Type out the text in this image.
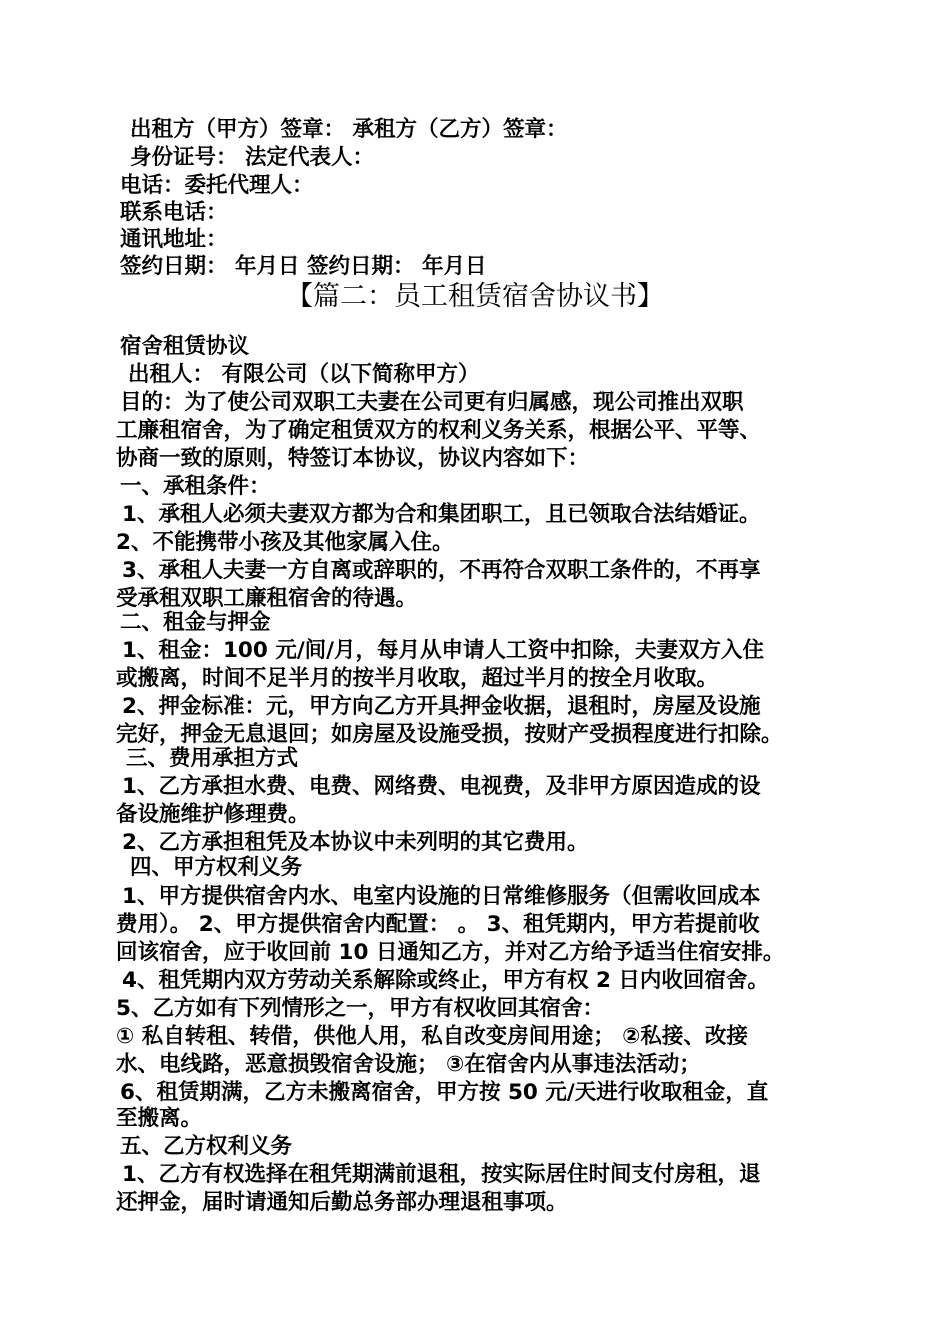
出租方（甲方）签章： 承租方（乙方）签章：
身份证号： 法定代表人：
电话：委托代理人：
联系电话：
通讯地址：
签约日期： 年月日 签约日期： 年月日
【篇二：员工租赁宿舍协议书】
宿舍租赁协议
出租人： 有限公司（以下简称甲方）
目的：为了使公司双职工夫妻在公司更有归属感，现公司推出双职
工廉租宿舍，为了确定租赁双方的权利义务关系，根据公平、平等、
协商一致的原则，特签订本协议，协议内容如下：
一、承租条件：
1、承租人必须夫妻双方都为合和集团职工，且已领取合法结婚证。
2、不能携带小孩及其他家属入住。
3、承租人夫妻一方自离或辞职的，不再符合双职工条件的，不再享
受承租双职工廉租宿舍的待遇。
二、租金与押金
1、租金：100 元/间/月，每月从申请人工资中扣除，夫妻双方入住
或搬离，时间不足半月的按半月收取，超过半月的按全月收取。
2、押金标准：元，甲方向乙方开具押金收据，退租时，房屋及设施
完好，押金无息退回；如房屋及设施受损，按财产受损程度进行扣除。
三、费用承担方式
1、乙方承担水费、电费、网络费、电视费，及非甲方原因造成的设
备设施维护修理费。
2、乙方承担租凭及本协议中未列明的其它费用。
四、甲方权利义务
1、甲方提供宿舍内水、电室内设施的日常维修服务（但需收回成本
费用）。 2、甲方提供宿舍内配置： 。 3、租凭期内，甲方若提前收
回该宿舍，应于收回前 10 日通知乙方，并对乙方给予适当住宿安排。
4、租凭期内双方劳动关系解除或终止，甲方有权 2 日内收回宿舍。
5、乙方如有下列情形之一，甲方有权收回其宿舍：
① 私自转租、转借，供他人用，私自改变房间用途； ②私接、改接
水、电线路，恶意损毁宿舍设施； ③在宿舍内从事违法活动；
6、租赁期满，乙方未搬离宿舍，甲方按 50 元/天进行收取租金，直
至搬离。
五、乙方权利义务
1、乙方有权选择在租凭期满前退租，按实际居住时间支付房租，退
还押金，届时请通知后勤总务部办理退租事项。
